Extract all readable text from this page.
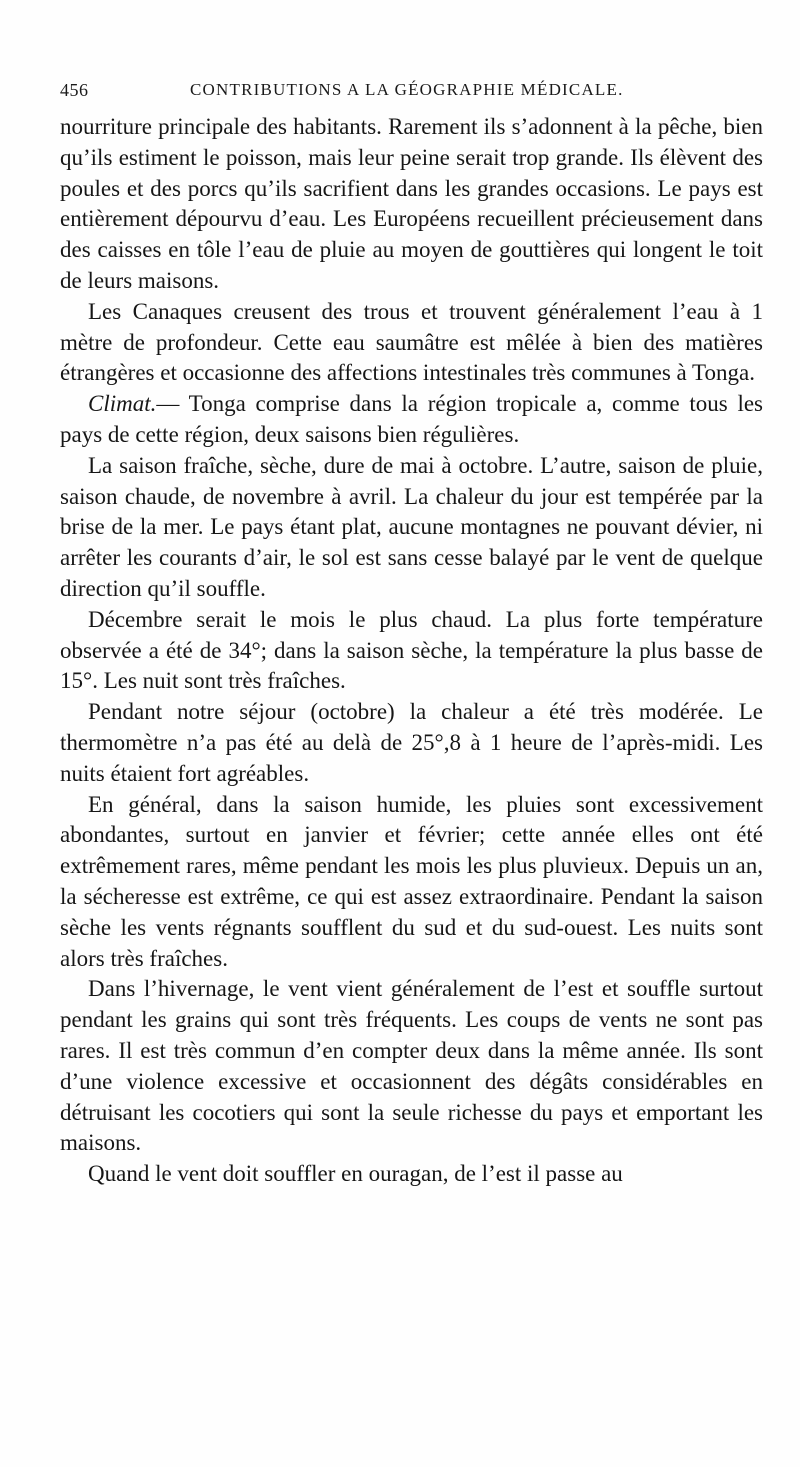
456	CONTRIBUTIONS A LA GÉOGRAPHIE MÉDICALE.

nourriture principale des habitants. Rarement ils s’adonnent à la pêche, bien qu’ils estiment le poisson, mais leur peine serait trop grande. Ils élèvent des poules et des porcs qu’ils sacrifient dans les grandes occasions. Le pays est entièrement dépourvu d’eau. Les Européens recueillent précieusement dans des caisses en tôle l’eau de pluie au moyen de gouttières qui longent le toit de leurs maisons.

Les Canaques creusent des trous et trouvent généralement l’eau à 1 mètre de profondeur. Cette eau saumâtre est mêlée à bien des matières étrangères et occasionne des affections intestinales très communes à Tonga.

Climat.— Tonga comprise dans la région tropicale a, comme tous les pays de cette région, deux saisons bien régulières.

La saison fraîche, sèche, dure de mai à octobre. L’autre, saison de pluie, saison chaude, de novembre à avril. La chaleur du jour est tempérée par la brise de la mer. Le pays étant plat, aucune montagnes ne pouvant dévier, ni arrêter les courants d’air, le sol est sans cesse balayé par le vent de quelque direction qu’il souffle.

Décembre serait le mois le plus chaud. La plus forte température observée a été de 34°; dans la saison sèche, la température la plus basse de 15°. Les nuit sont très fraîches.

Pendant notre séjour (octobre) la chaleur a été très modérée. Le thermomètre n’a pas été au delà de 25°,8 à 1 heure de l’après-midi. Les nuits étaient fort agréables.

En général, dans la saison humide, les pluies sont excessivement abondantes, surtout en janvier et février; cette année elles ont été extrêmement rares, même pendant les mois les plus pluvieux. Depuis un an, la sécheresse est extrême, ce qui est assez extraordinaire. Pendant la saison sèche les vents régnants soufflent du sud et du sud-ouest. Les nuits sont alors très fraîches.

Dans l’hivernage, le vent vient généralement de l’est et souffle surtout pendant les grains qui sont très fréquents. Les coups de vents ne sont pas rares. Il est très commun d’en compter deux dans la même année. Ils sont d’une violence excessive et occasionnent des dégâts considérables en détruisant les cocotiers qui sont la seule richesse du pays et emportant les maisons.

Quand le vent doit souffler en ouragan, de l’est il passe au
